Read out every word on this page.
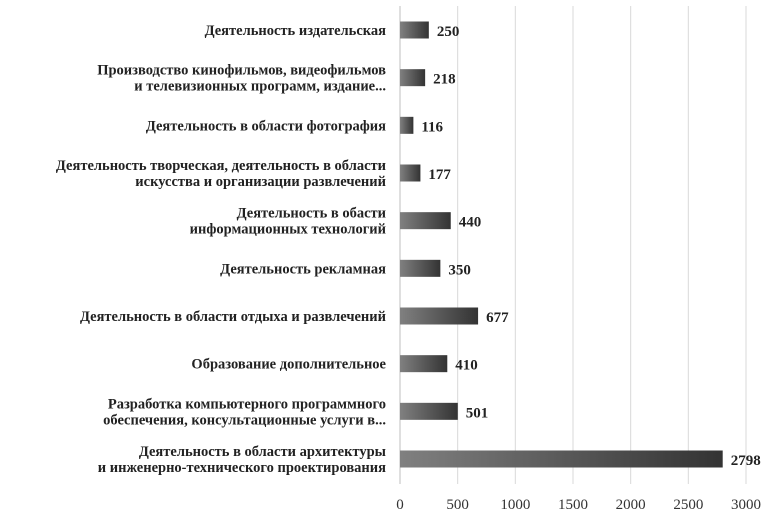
Деятельность издательская
Производство кинофильмов, видеофильмов и телевизионных программ, издание...
Деятельность в области фотография
Деятельность творческая, деятельность в области искусства и организации развлечений
Деятельность в обасти информационных технологий
Деятельность рекламная
Деятельность в области отдыха и развлечений
Образование дополнительное
Разработка компьютерного программного обеспечения, консультационные услуги в...
Деятельность в области архитектуры и инженерно-технического проектирования
250
218
116
177
440
350
677
410
501
2798
0	500 1000 1500 2000 2500 3000
